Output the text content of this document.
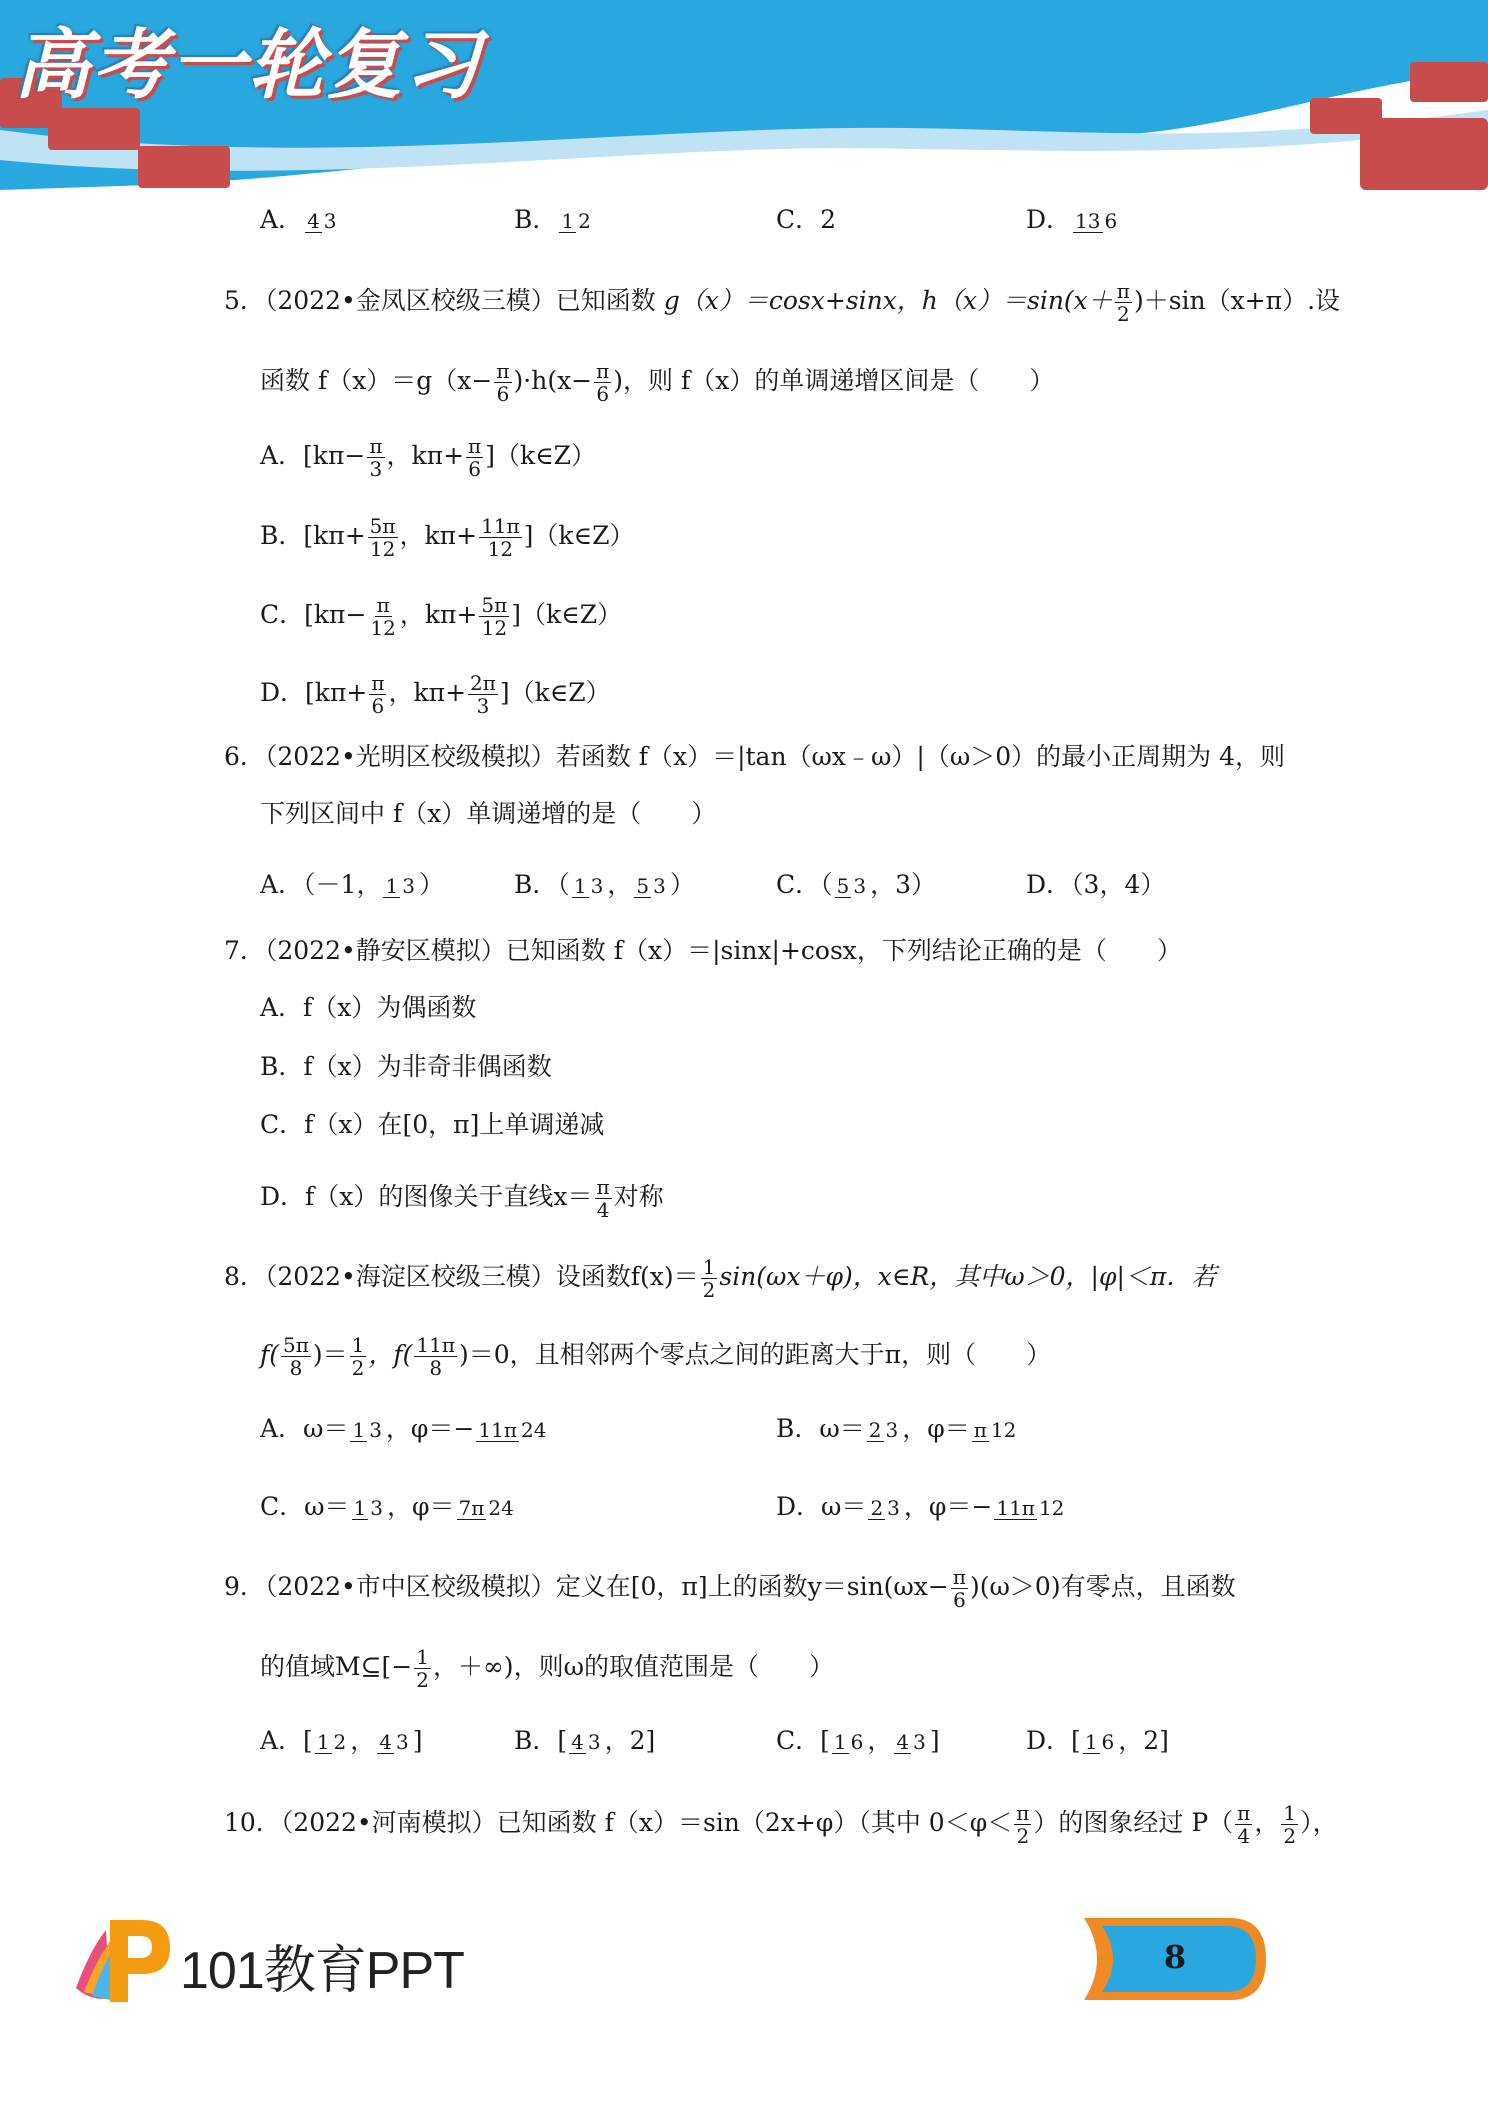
高考一轮复习
A． 4 3	B． 1 2	C．2	D． 13 6
5．（2022•金凤区校级三模）已知函数 g（x）＝cosx+sinx，$h(x)=\sin(x+ \frac{\pi}{2} )+\sin(x+\pi)$.设
函数 $f(x)=g(x- \frac{\pi}{6} )\cdot h(x- \frac{\pi}{6}$ )，则 f（x）的单调递增区间是（　　）
A．[$k\pi- \frac{\pi}{3}$ ，$k\pi+ \frac{\pi}{6}$ ]（k∈Z）
B．[$k\pi+ \frac{5\pi}{12}$ ，$k\pi+ \frac{11\pi}{12}$ ]（k∈Z）
C．[$k\pi- \frac{\pi}{12}$ ，$k\pi+ \frac{5\pi}{12}$ ]（k∈Z）
D．[$k\pi+ \frac{\pi}{6}$ ，$k\pi+ \frac{2\pi}{3}$ ]（k∈Z）
6．（2022•光明区校级模拟）若函数 f（x）＝|tan（ωx﹣ω）|（ω＞0）的最小正周期为 4，则
下列区间中 f（x）单调递增的是（　　）
A．（－1， 1 3 ）	B．（ 1 3 ， 5 3 ）	C．（ 5 3 ，3）	D．（3，4）
7．（2022•静安区模拟）已知函数 f（x）＝|sinx|+cosx，下列结论正确的是（　　）
A．f（x）为偶函数
B．f（x）为非奇非偶函数
C．f（x）在[0，π]上单调递减
D．f（x）的图像关于直线$x= \frac{\pi}{4}$ 对称
8．（2022•海淀区校级三模）设函数$f(x)= \frac{1}{2} \sin(\omega x+\varphi)$，x∈R，其中ω＞0，|φ|＜π．若
$f( \frac{5\pi}{8}$ )＝ $\frac{1}{2}$ ，$f( \frac{11\pi}{8} )=0$，且相邻两个零点之间的距离大于π，则（　　）
A．ω＝ 1 3 ，φ＝− 11π 24	B．ω＝ 2 3 ，φ＝ π 12
C．ω＝ 1 3 ，φ＝ 7π 24	D．ω＝ 2 3 ，φ＝− 11π 12
9．（2022•市中区校级模拟）定义在[0，π]上的函数$y=\sin(\omega x- \frac{\pi}{6} )(\omega>0)$有零点，且函数
的值域M⊆[− $\frac{1}{2}$ ，＋∞)，则ω的取值范围是（　　）
A．[ 1 2 ， 4 3 ]	B．[ 4 3 ，2]	C．[ 1 6 ， 4 3 ]	D．[ 1 6 ，2]
10．（2022•河南模拟）已知函数 f（x）＝sin（2x+φ）（其中 $0<\varphi< \frac{\pi}{2}$ ）的图象经过 $P( \frac{\pi}{4}$ ， $\frac{1}{2}$ ），
101教育PPT	8
